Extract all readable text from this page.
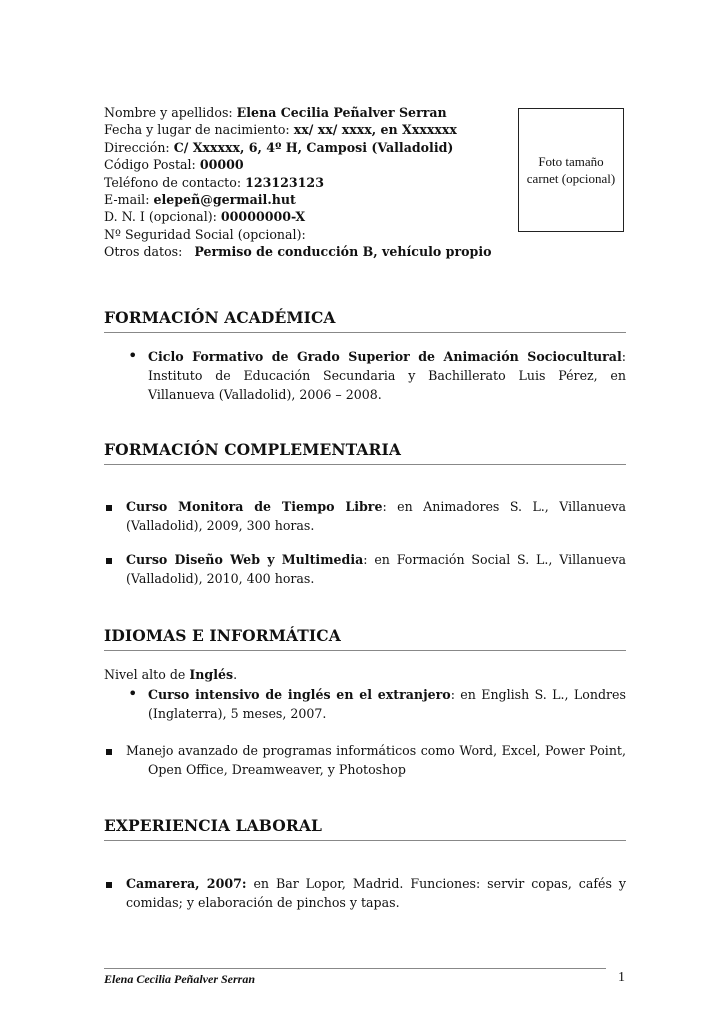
Nombre y apellidos: Elena Cecilia Peñalver Serran
Fecha y lugar de nacimiento: xx/ xx/ xxxx, en Xxxxxxx
Dirección: C/ Xxxxxx, 6, 4º H, Camposi (Valladolid)
Código Postal: 00000
Teléfono de contacto: 123123123
E-mail: elepeñ@germail.hut
D. N. I (opcional): 00000000-X
Nº Seguridad Social (opcional):
Otros datos: Permiso de conducción B, vehículo propio
Foto tamaño carnet (opcional)
FORMACIÓN ACADÉMICA
• Ciclo Formativo de Grado Superior de Animación Sociocultural: Instituto de Educación Secundaria y Bachillerato Luis Pérez, en Villanueva (Valladolid), 2006 – 2008.
FORMACIÓN COMPLEMENTARIA
Curso Monitora de Tiempo Libre: en Animadores S. L., Villanueva (Valladolid), 2009, 300 horas.
Curso Diseño Web y Multimedia: en Formación Social S. L., Villanueva (Valladolid), 2010, 400 horas.
IDIOMAS E INFORMÁTICA
Nivel alto de Inglés.
• Curso intensivo de inglés en el extranjero: en English S. L., Londres (Inglaterra), 5 meses, 2007.
Manejo avanzado de programas informáticos como Word, Excel, Power Point, Open Office, Dreamweaver, y Photoshop
EXPERIENCIA LABORAL
Camarera, 2007: en Bar Lopor, Madrid. Funciones: servir copas, cafés y comidas; y elaboración de pinchos y tapas.
Elena Cecilia Peñalver Serran	1
